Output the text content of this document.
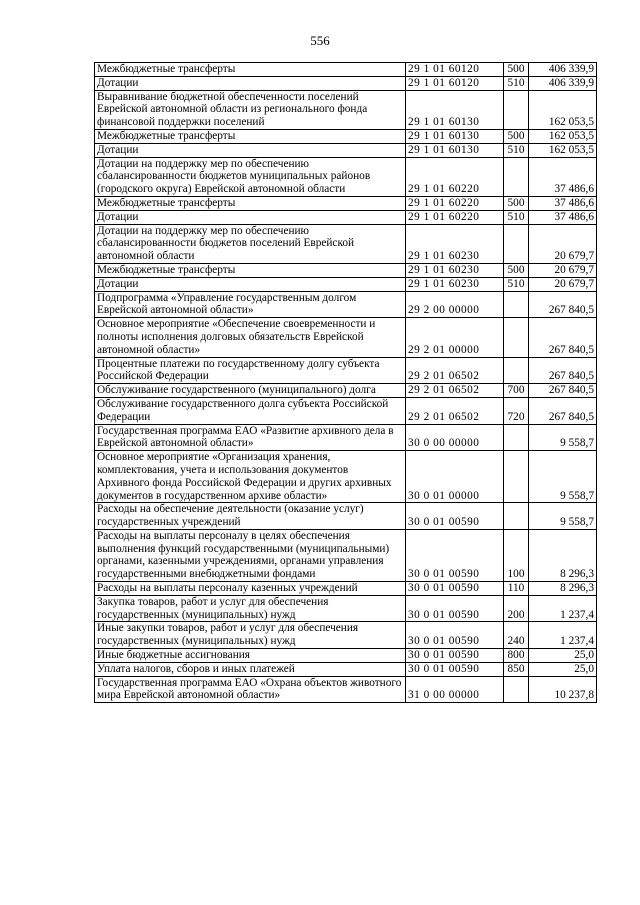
556
Межбюджетные трансферты	29 1 01 60120	500	406 339,9
Дотации	29 1 01 60120	510	406 339,9
Выравнивание бюджетной обеспеченности поселений Еврейской автономной области из регионального фонда финансовой поддержки поселений	29 1 01 60130		162 053,5
Межбюджетные трансферты	29 1 01 60130	500	162 053,5
Дотации	29 1 01 60130	510	162 053,5
Дотации на поддержку мер по обеспечению сбалансированности бюджетов муниципальных районов (городского округа) Еврейской автономной области	29 1 01 60220		37 486,6
Межбюджетные трансферты	29 1 01 60220	500	37 486,6
Дотации	29 1 01 60220	510	37 486,6
Дотации на поддержку мер по обеспечению сбалансированности бюджетов поселений Еврейской автономной области	29 1 01 60230		20 679,7
Межбюджетные трансферты	29 1 01 60230	500	20 679,7
Дотации	29 1 01 60230	510	20 679,7
Подпрограмма «Управление государственным долгом Еврейской автономной области»	29 2 00 00000		267 840,5
Основное мероприятие «Обеспечение своевременности и полноты исполнения долговых обязательств Еврейской автономной области»	29 2 01 00000		267 840,5
Процентные платежи по государственному долгу субъекта Российской Федерации	29 2 01 06502		267 840,5
Обслуживание государственного (муниципального) долга	29 2 01 06502	700	267 840,5
Обслуживание государственного долга субъекта Российской Федерации	29 2 01 06502	720	267 840,5
Государственная программа ЕАО «Развитие архивного дела в Еврейской автономной области»	30 0 00 00000		9 558,7
Основное мероприятие «Организация хранения, комплектования, учета и использования документов Архивного фонда Российской Федерации и других архивных документов в государственном архиве области»	30 0 01 00000		9 558,7
Расходы на обеспечение деятельности (оказание услуг) государственных учреждений	30 0 01 00590		9 558,7
Расходы на выплаты персоналу в целях обеспечения выполнения функций государственными (муниципальными) органами, казенными учреждениями, органами управления государственными внебюджетными фондами	30 0 01 00590	100	8 296,3
Расходы на выплаты персоналу казенных учреждений	30 0 01 00590	110	8 296,3
Закупка товаров, работ и услуг для обеспечения государственных (муниципальных) нужд	30 0 01 00590	200	1 237,4
Иные закупки товаров, работ и услуг для обеспечения государственных (муниципальных) нужд	30 0 01 00590	240	1 237,4
Иные бюджетные ассигнования	30 0 01 00590	800	25,0
Уплата налогов, сборов и иных платежей	30 0 01 00590	850	25,0
Государственная программа ЕАО «Охрана объектов животного мира Еврейской автономной области»	31 0 00 00000		10 237,8
